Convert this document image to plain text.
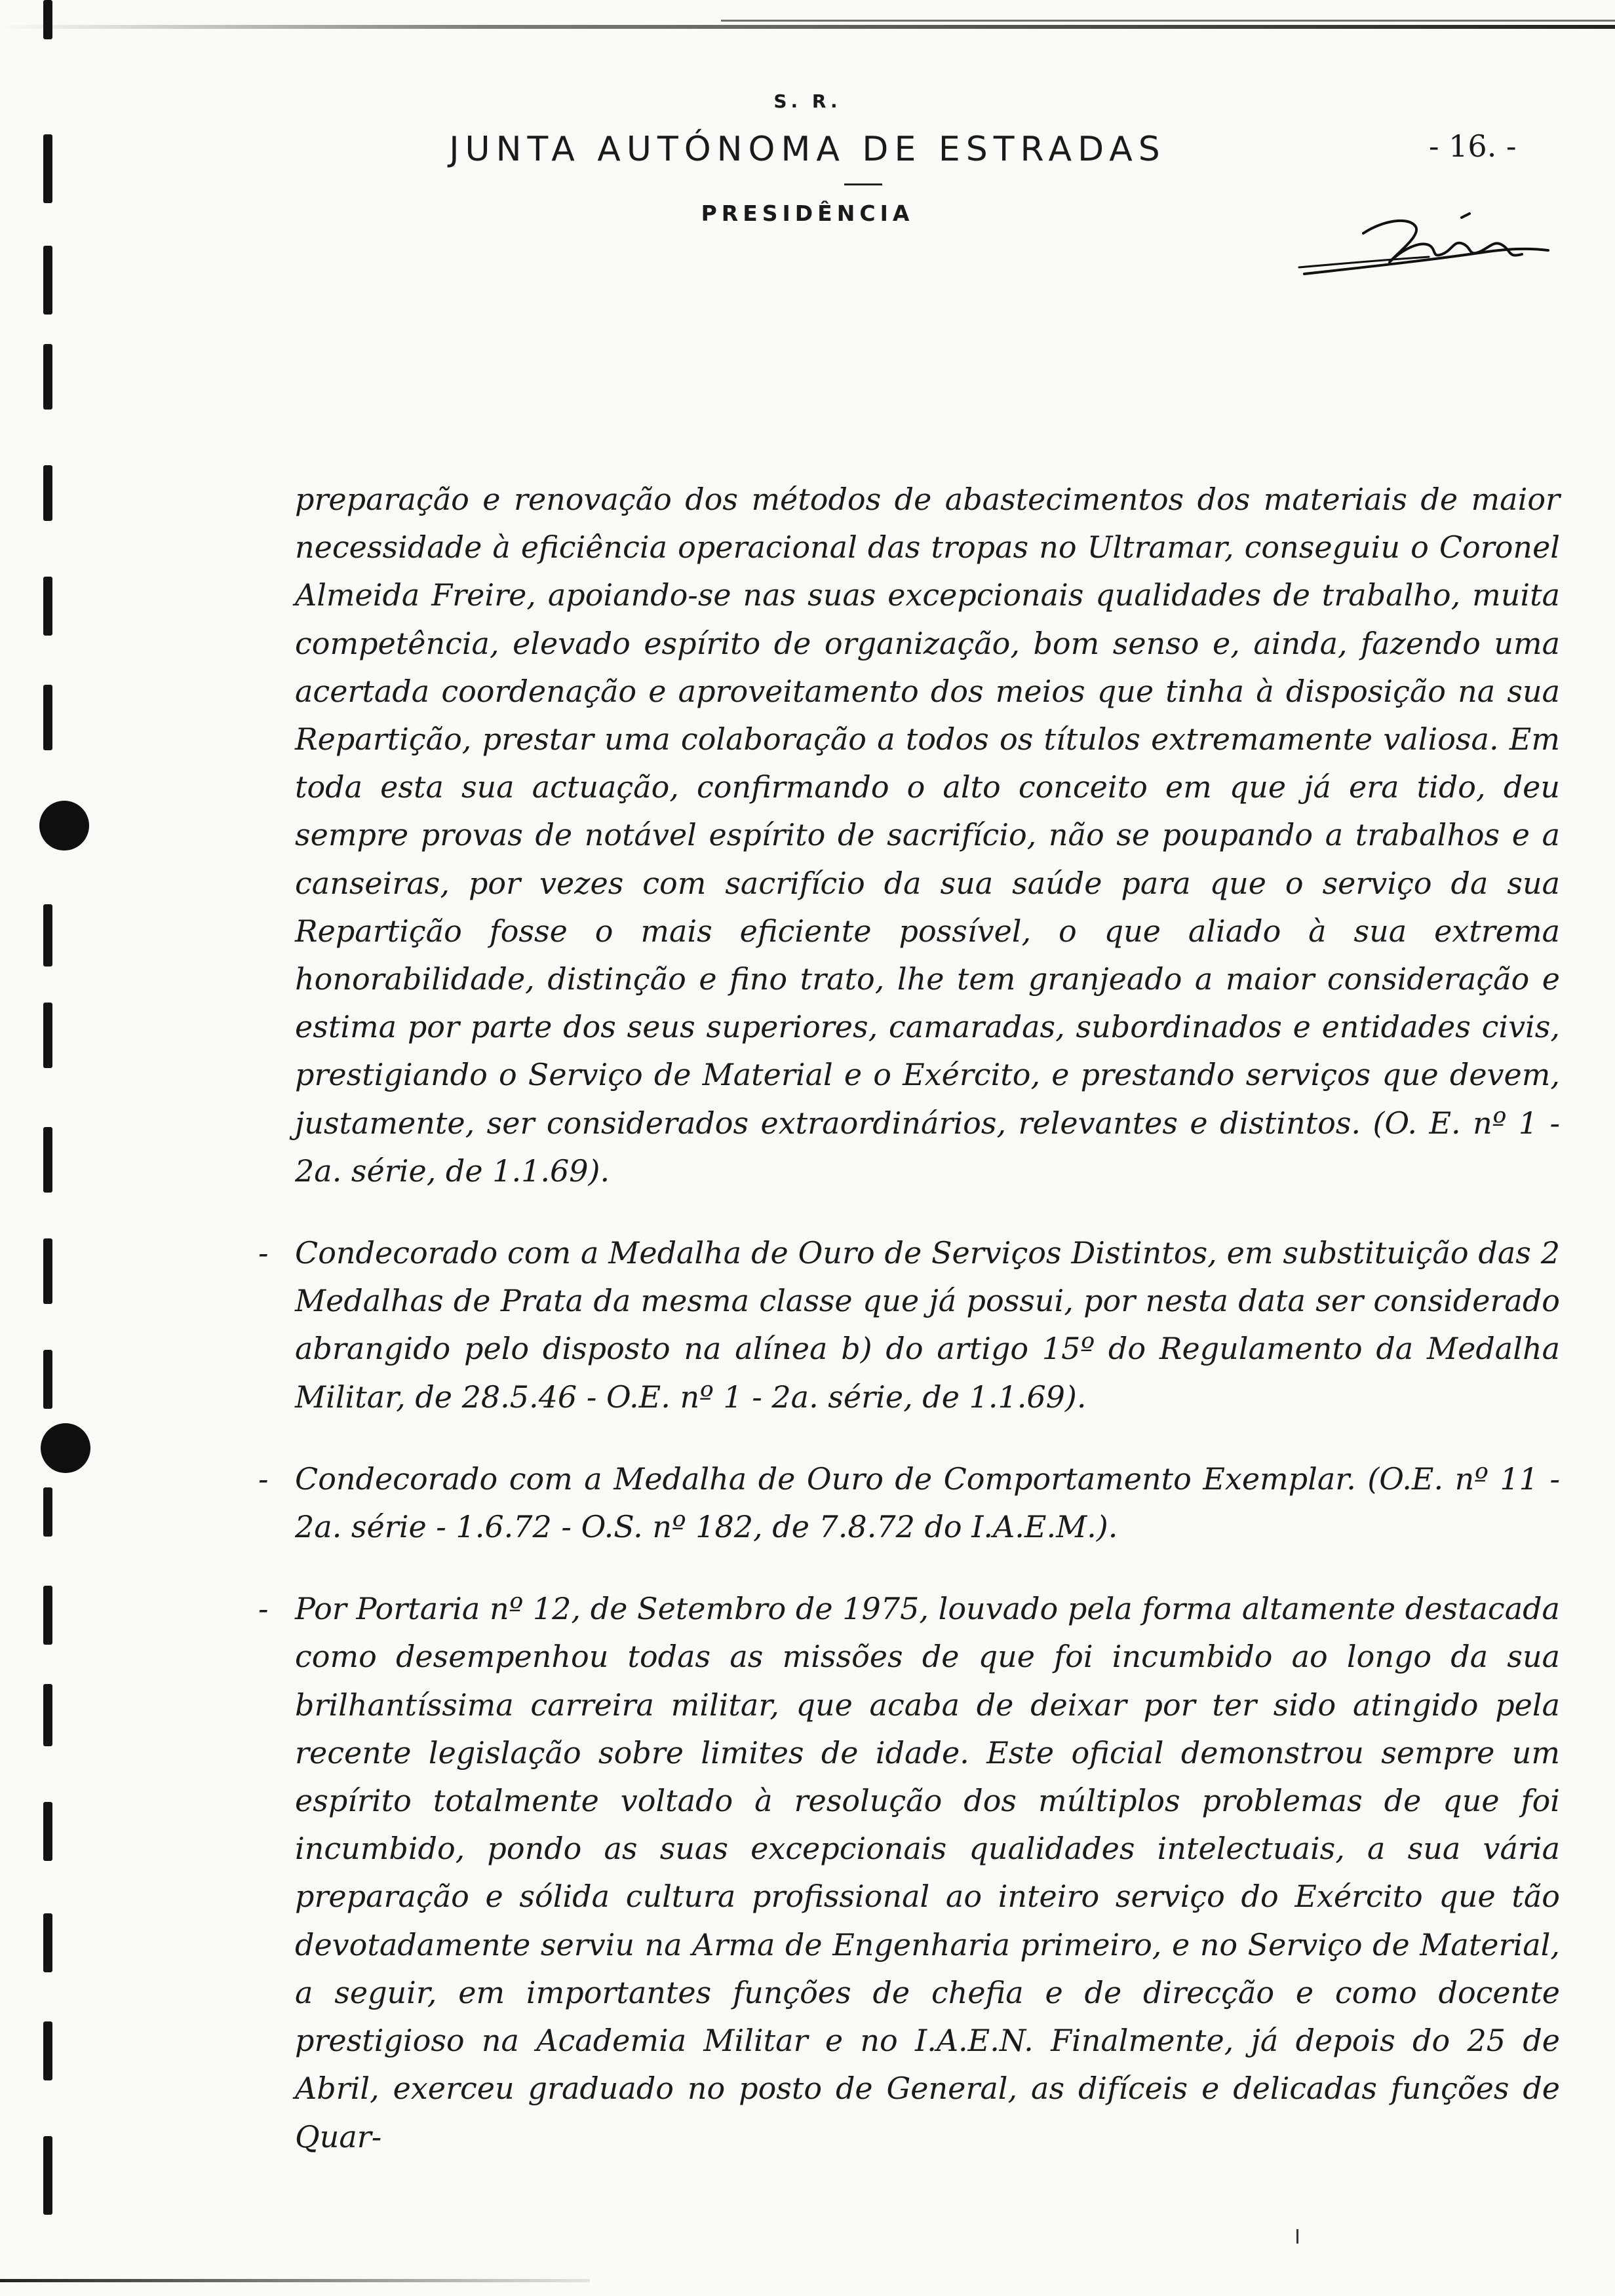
S. R.
JUNTA AUTÓNOMA DE ESTRADAS
PRESIDÊNCIA
- 16. -

preparação e renovação dos métodos de abastecimentos dos materiais de maior necessidade à eficiência operacional das tropas no Ultramar, conseguiu o Coronel Almeida Freire, apoiando-se nas suas excepcionais qualidades de trabalho, muita competência, elevado espírito de organização, bom senso e, ainda, fazendo uma acertada coordenação e aproveitamento dos meios que tinha à disposição na sua Repartição, prestar uma colaboração a todos os títulos extremamente valiosa. Em toda esta sua actuação, confirmando o alto conceito em que já era tido, deu sempre provas de notável espírito de sacrifício, não se poupando a trabalhos e a canseiras, por vezes com sacrifício da sua saúde para que o serviço da sua Repartição fosse o mais eficiente possível, o que aliado à sua extrema honorabilidade, distinção e fino trato, lhe tem granjeado a maior consideração e estima por parte dos seus superiores, camaradas, subordinados e entidades civis, prestigiando o Serviço de Material e o Exército, e prestando serviços que devem, justamente, ser considerados extraordinários, relevantes e distintos. (O. E. nº 1 - 2a. série, de 1.1.69).

- Condecorado com a Medalha de Ouro de Serviços Distintos, em substituição das 2 Medalhas de Prata da mesma classe que já possui, por nesta data ser considerado abrangido pelo disposto na alínea b) do artigo 15º do Regulamento da Medalha Militar, de 28.5.46 - O.E. nº 1 - 2a. série, de 1.1.69).
- Condecorado com a Medalha de Ouro de Comportamento Exemplar. (O.E. nº 11 - 2a. série - 1.6.72 - O.S. nº 182, de 7.8.72 do I.A.E.M.).
- Por Portaria nº 12, de Setembro de 1975, louvado pela forma altamente destacada como desempenhou todas as missões de que foi incumbido ao longo da sua brilhantíssima carreira militar, que acaba de deixar por ter sido atingido pela recente legislação sobre limites de idade. Este oficial demonstrou sempre um espírito totalmente voltado à resolução dos múltiplos problemas de que foi incumbido, pondo as suas excepcionais qualidades intelectuais, a sua vária preparação e sólida cultura profissional ao inteiro serviço do Exército que tão devotadamente serviu na Arma de Engenharia primeiro, e no Serviço de Material, a seguir, em importantes funções de chefia e de direcção e como docente prestigioso na Academia Militar e no I.A.E.N. Finalmente, já depois do 25 de Abril, exerceu graduado no posto de General, as difíceis e delicadas funções de Quar-
